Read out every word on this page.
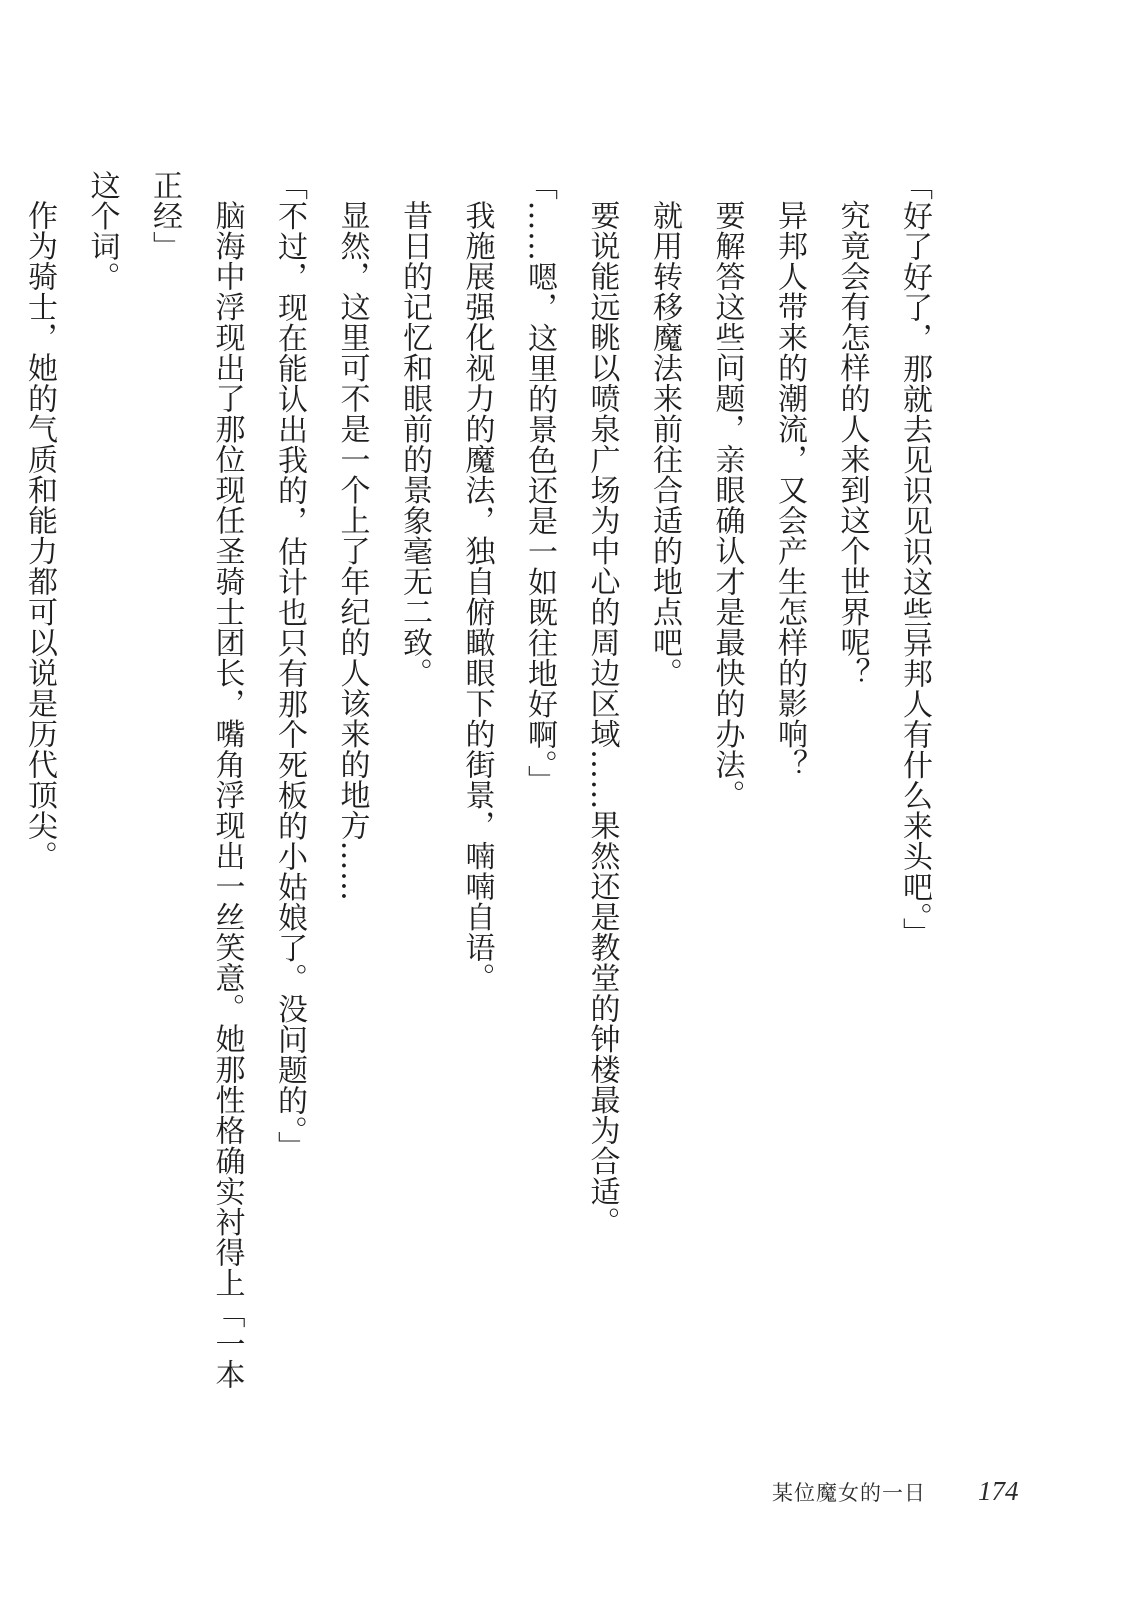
「好了好了，那就去见识见识这些异邦人有什么来头吧。」

究竟会有怎样的人来到这个世界呢？

异邦人带来的潮流，又会产生怎样的影响？

要解答这些问题，亲眼确认才是最快的办法。

就用转移魔法来前往合适的地点吧。

要说能远眺以喷泉广场为中心的周边区域……果然还是教堂的钟楼最为合适。

「……嗯，这里的景色还是一如既往地好啊。」

我施展强化视力的魔法，独自俯瞰眼下的街景，喃喃自语。

昔日的记忆和眼前的景象毫无二致。

显然，这里可不是一个上了年纪的人该来的地方……

「不过，现在能认出我的，估计也只有那个死板的小姑娘了。没问题的。」

脑海中浮现出了那位现任圣骑士团长，嘴角浮现出一丝笑意。她那性格确实衬得上「一本正经」

这个词。

作为骑士，她的气质和能力都可以说是历代顶尖。

某位魔女的一日 174
